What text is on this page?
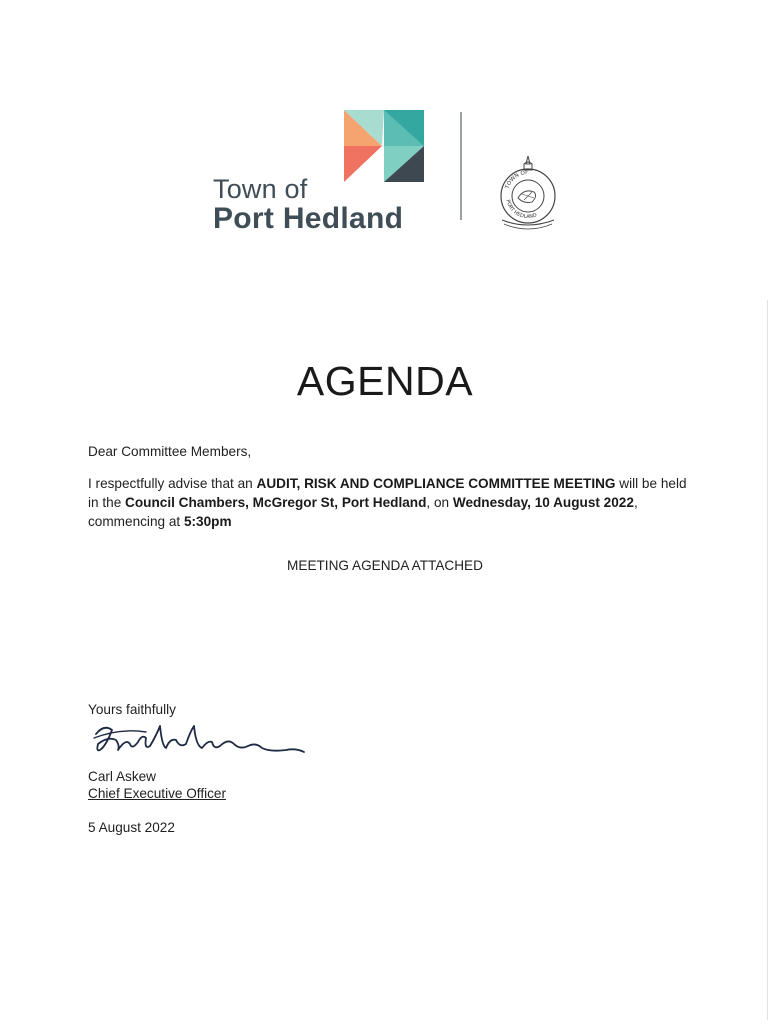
Town of
Port Hedland
TOWN OF
PORT HEDLAND
AGENDA
Dear Committee Members,
I respectfully advise that an AUDIT, RISK AND COMPLIANCE COMMITTEE MEETING will be held in the Council Chambers, McGregor St, Port Hedland, on Wednesday, 10 August 2022, commencing at 5:30pm
MEETING AGENDA ATTACHED
Yours faithfully
Carl Askew
Chief Executive Officer
5 August 2022
